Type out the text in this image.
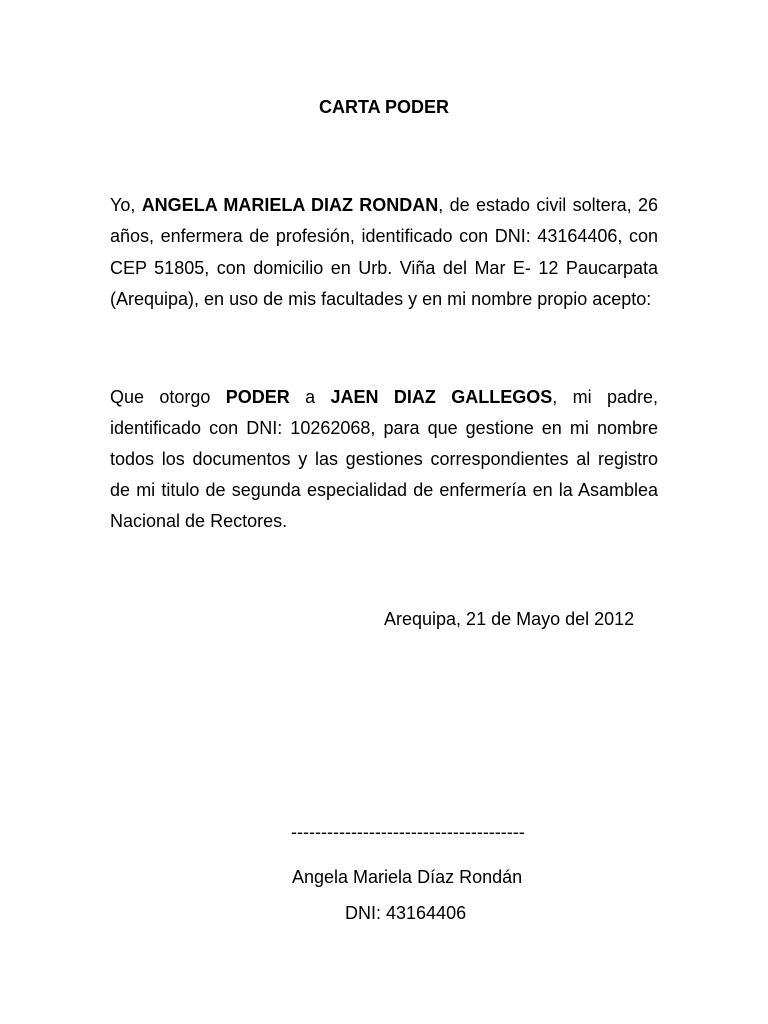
CARTA PODER
Yo, ANGELA MARIELA DIAZ RONDAN, de estado civil soltera, 26
años, enfermera de profesión, identificado con DNI: 43164406, con
CEP 51805, con domicilio en Urb. Viña del Mar E- 12 Paucarpata
(Arequipa), en uso de mis facultades y en mi nombre propio acepto:
Que otorgo PODER a JAEN DIAZ GALLEGOS, mi padre,
identificado con DNI: 10262068, para que gestione en mi nombre
todos los documentos y las gestiones correspondientes al registro
de mi titulo de segunda especialidad de enfermería en la Asamblea
Nacional de Rectores.
Arequipa, 21 de Mayo del 2012
---------------------------------------
Angela Mariela Díaz Rondán
DNI: 43164406
